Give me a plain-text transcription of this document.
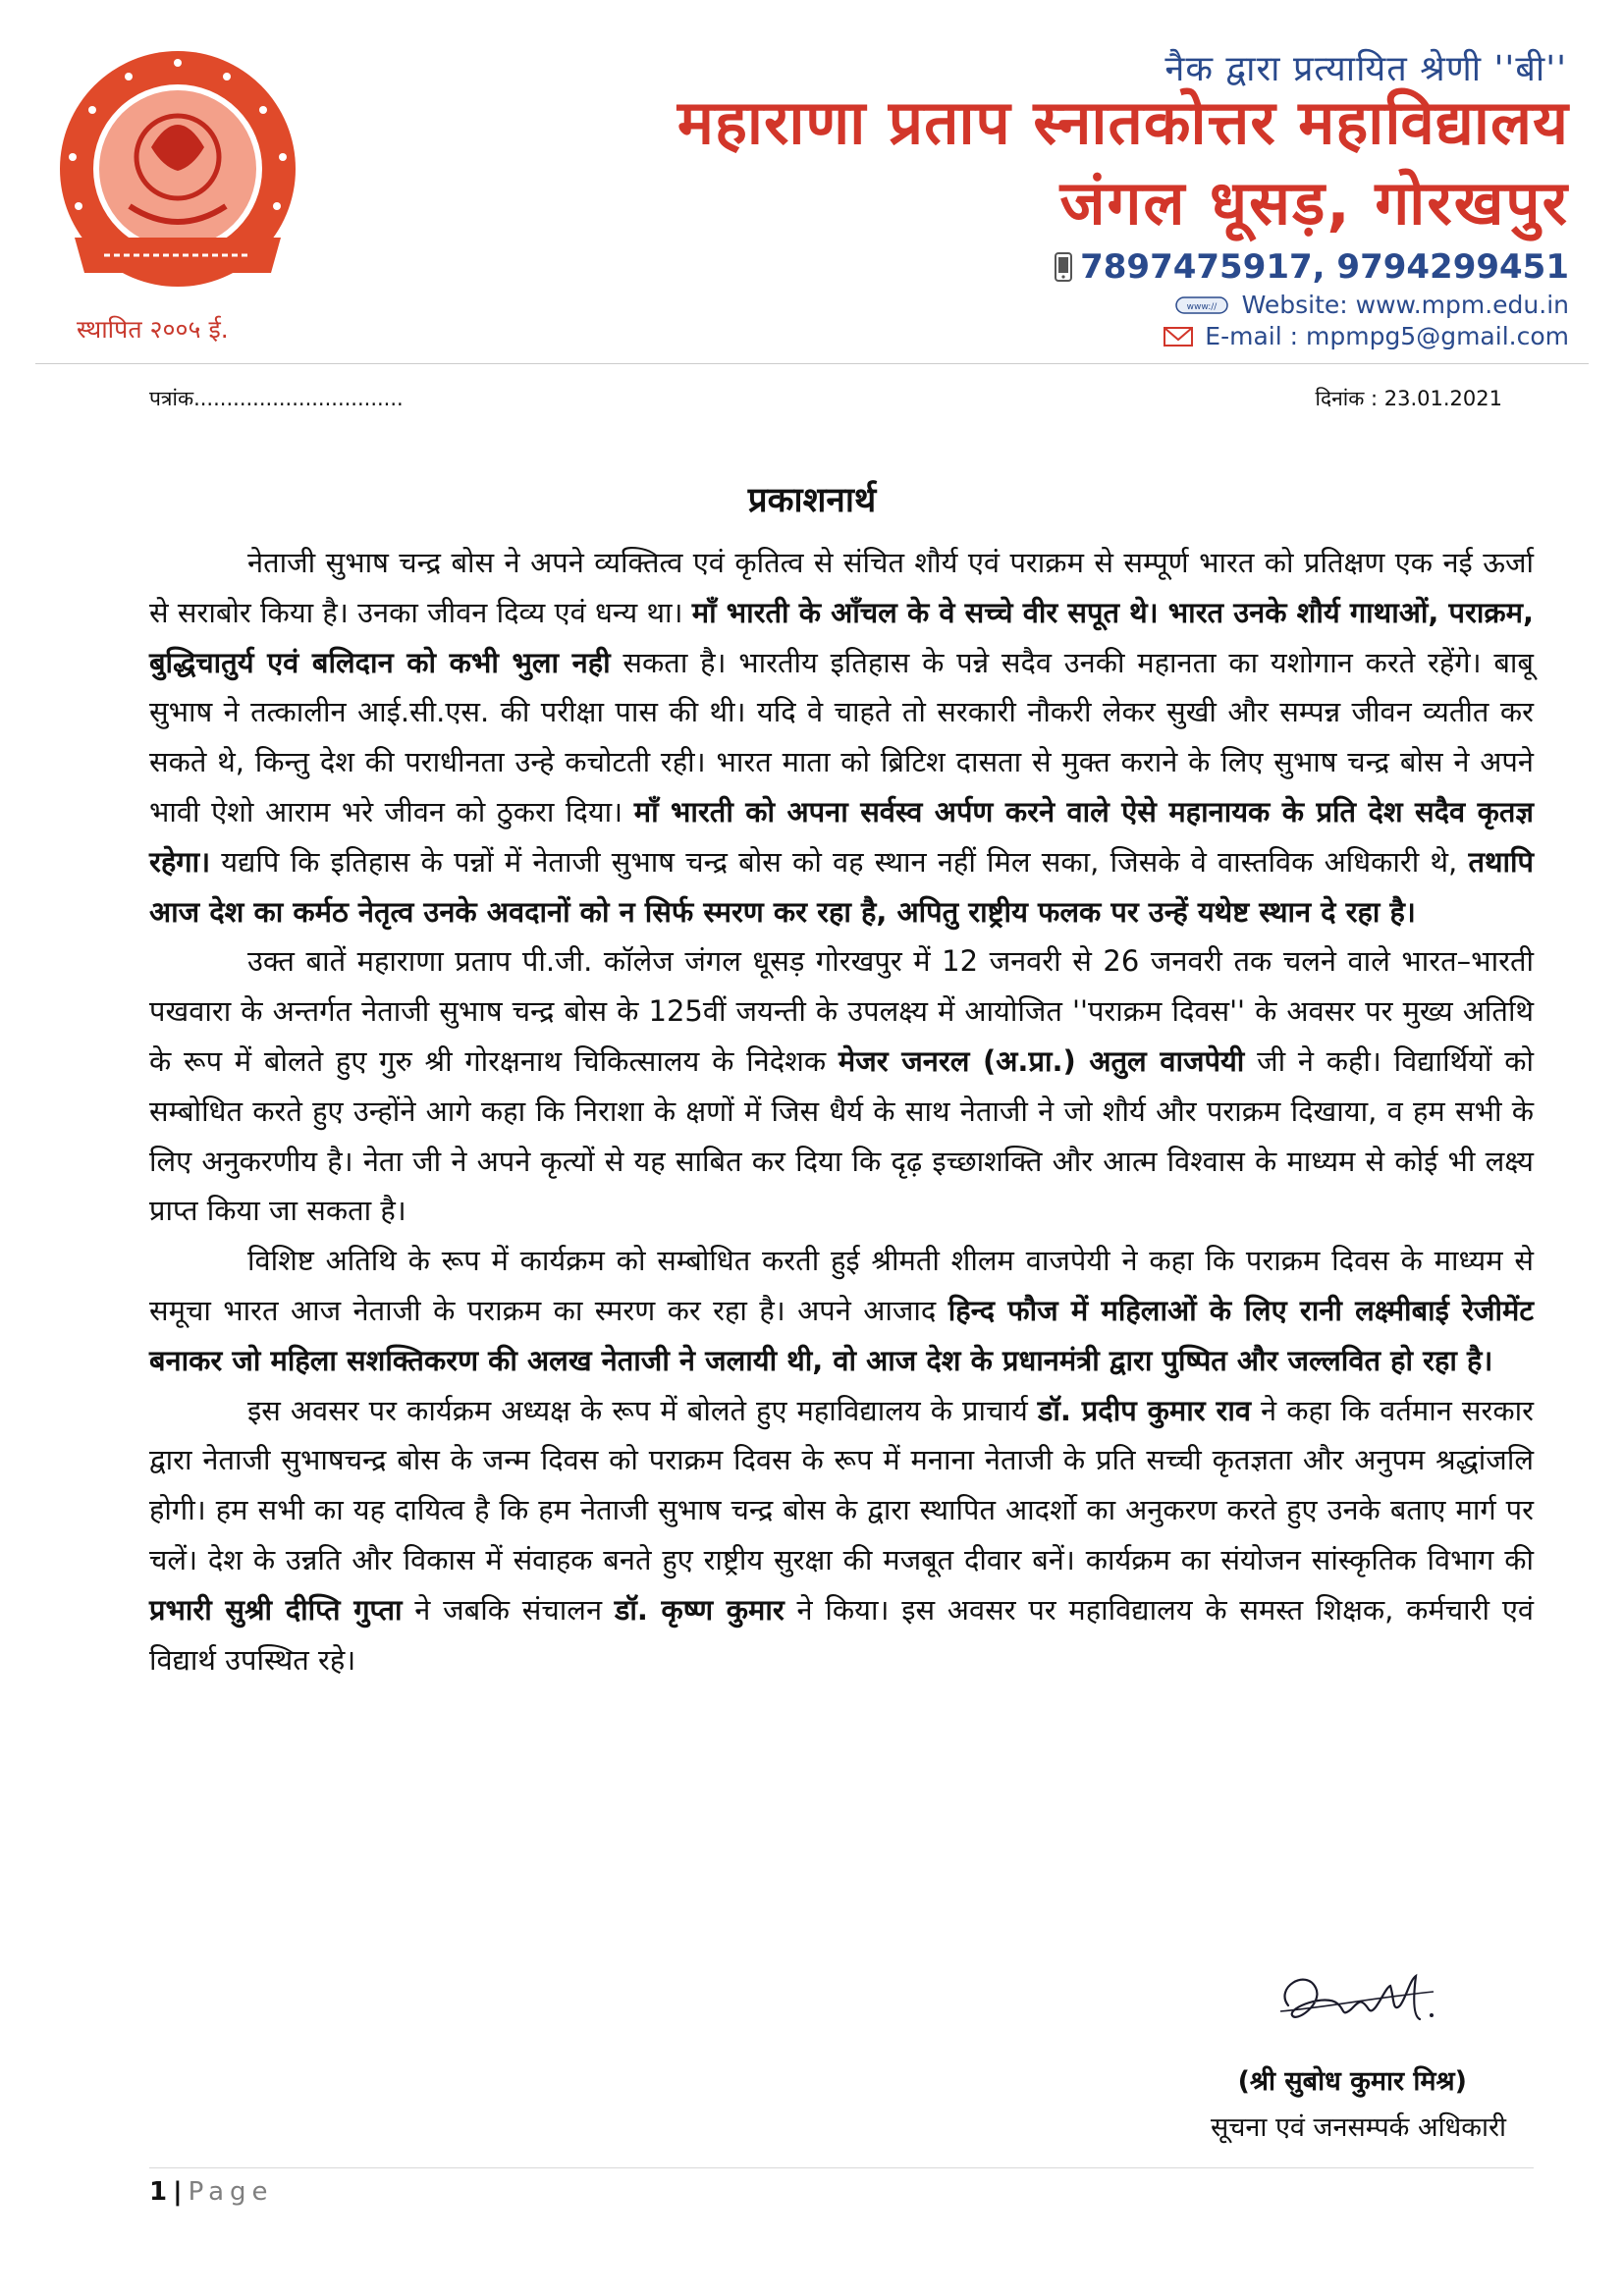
स्थापित २००५ ई.
नैक द्वारा प्रत्यायित श्रेणी ''बी''
महाराणा प्रताप स्नातकोत्तर महाविद्यालय
जंगल धूसड़, गोरखपुर
7897475917, 9794299451
www:// Website: www.mpm.edu.in
E-mail : mpmpg5@gmail.com
पत्रांक................................	दिनांक : 23.01.2021
प्रकाशनार्थ

नेताजी सुभाष चन्द्र बोस ने अपने व्यक्तित्व एवं कृतित्व से संचित शौर्य एवं पराक्रम से सम्पूर्ण भारत को प्रतिक्षण एक नई ऊर्जा से सराबोर किया है। उनका जीवन दिव्य एवं धन्य था। माँ भारती के आँचल के वे सच्चे वीर सपूत थे। भारत उनके शौर्य गाथाओं, पराक्रम, बुद्धिचातुर्य एवं बलिदान को कभी भुला नही सकता है। भारतीय इतिहास के पन्ने सदैव उनकी महानता का यशोगान करते रहेंगे। बाबू सुभाष ने तत्कालीन आई.सी.एस. की परीक्षा पास की थी। यदि वे चाहते तो सरकारी नौकरी लेकर सुखी और सम्पन्न जीवन व्यतीत कर सकते थे, किन्तु देश की पराधीनता उन्हे कचोटती रही। भारत माता को ब्रिटिश दासता से मुक्त कराने के लिए सुभाष चन्द्र बोस ने अपने भावी ऐशो आराम भरे जीवन को ठुकरा दिया। माँ भारती को अपना सर्वस्व अर्पण करने वाले ऐसे महानायक के प्रति देश सदैव कृतज्ञ रहेगा। यद्यपि कि इतिहास के पन्नों में नेताजी सुभाष चन्द्र बोस को वह स्थान नहीं मिल सका, जिसके वे वास्तविक अधिकारी थे, तथापि आज देश का कर्मठ नेतृत्व उनके अवदानों को न सिर्फ स्मरण कर रहा है, अपितु राष्ट्रीय फलक पर उन्हें यथेष्ट स्थान दे रहा है।

उक्त बातें महाराणा प्रताप पी.जी. कॉलेज जंगल धूसड़ गोरखपुर में 12 जनवरी से 26 जनवरी तक चलने वाले भारत–भारती पखवारा के अन्तर्गत नेताजी सुभाष चन्द्र बोस के 125वीं जयन्ती के उपलक्ष्य में आयोजित ''पराक्रम दिवस'' के अवसर पर मुख्य अतिथि के रूप में बोलते हुए गुरु श्री गोरक्षनाथ चिकित्सालय के निदेशक मेजर जनरल (अ.प्रा.) अतुल वाजपेयी जी ने कही। विद्यार्थियों को सम्बोधित करते हुए उन्होंने आगे कहा कि निराशा के क्षणों में जिस धैर्य के साथ नेताजी ने जो शौर्य और पराक्रम दिखाया, व हम सभी के लिए अनुकरणीय है। नेता जी ने अपने कृत्यों से यह साबित कर दिया कि दृढ़ इच्छाशक्ति और आत्म विश्वास के माध्यम से कोई भी लक्ष्य प्राप्त किया जा सकता है।

विशिष्ट अतिथि के रूप में कार्यक्रम को सम्बोधित करती हुई श्रीमती शीलम वाजपेयी ने कहा कि पराक्रम दिवस के माध्यम से समूचा भारत आज नेताजी के पराक्रम का स्मरण कर रहा है। अपने आजाद हिन्द फौज में महिलाओं के लिए रानी लक्ष्मीबाई रेजीमेंट बनाकर जो महिला सशक्तिकरण की अलख नेताजी ने जलायी थी, वो आज देश के प्रधानमंत्री द्वारा पुष्पित और जल्लवित हो रहा है।

इस अवसर पर कार्यक्रम अध्यक्ष के रूप में बोलते हुए महाविद्यालय के प्राचार्य डॉ. प्रदीप कुमार राव ने कहा कि वर्तमान सरकार द्वारा नेताजी सुभाषचन्द्र बोस के जन्म दिवस को पराक्रम दिवस के रूप में मनाना नेताजी के प्रति सच्ची कृतज्ञता और अनुपम श्रद्धांजलि होगी। हम सभी का यह दायित्व है कि हम नेताजी सुभाष चन्द्र बोस के द्वारा स्थापित आदर्शो का अनुकरण करते हुए उनके बताए मार्ग पर चलें। देश के उन्नति और विकास में संवाहक बनते हुए राष्ट्रीय सुरक्षा की मजबूत दीवार बनें। कार्यक्रम का संयोजन सांस्कृतिक विभाग की प्रभारी सुश्री दीप्ति गुप्ता ने जबकि संचालन डॉ. कृष्ण कुमार ने किया। इस अवसर पर महाविद्यालय के समस्त शिक्षक, कर्मचारी एवं विद्यार्थ उपस्थित रहे।

(श्री सुबोध कुमार मिश्र)
सूचना एवं जनसम्पर्क अधिकारी
1 | Page
